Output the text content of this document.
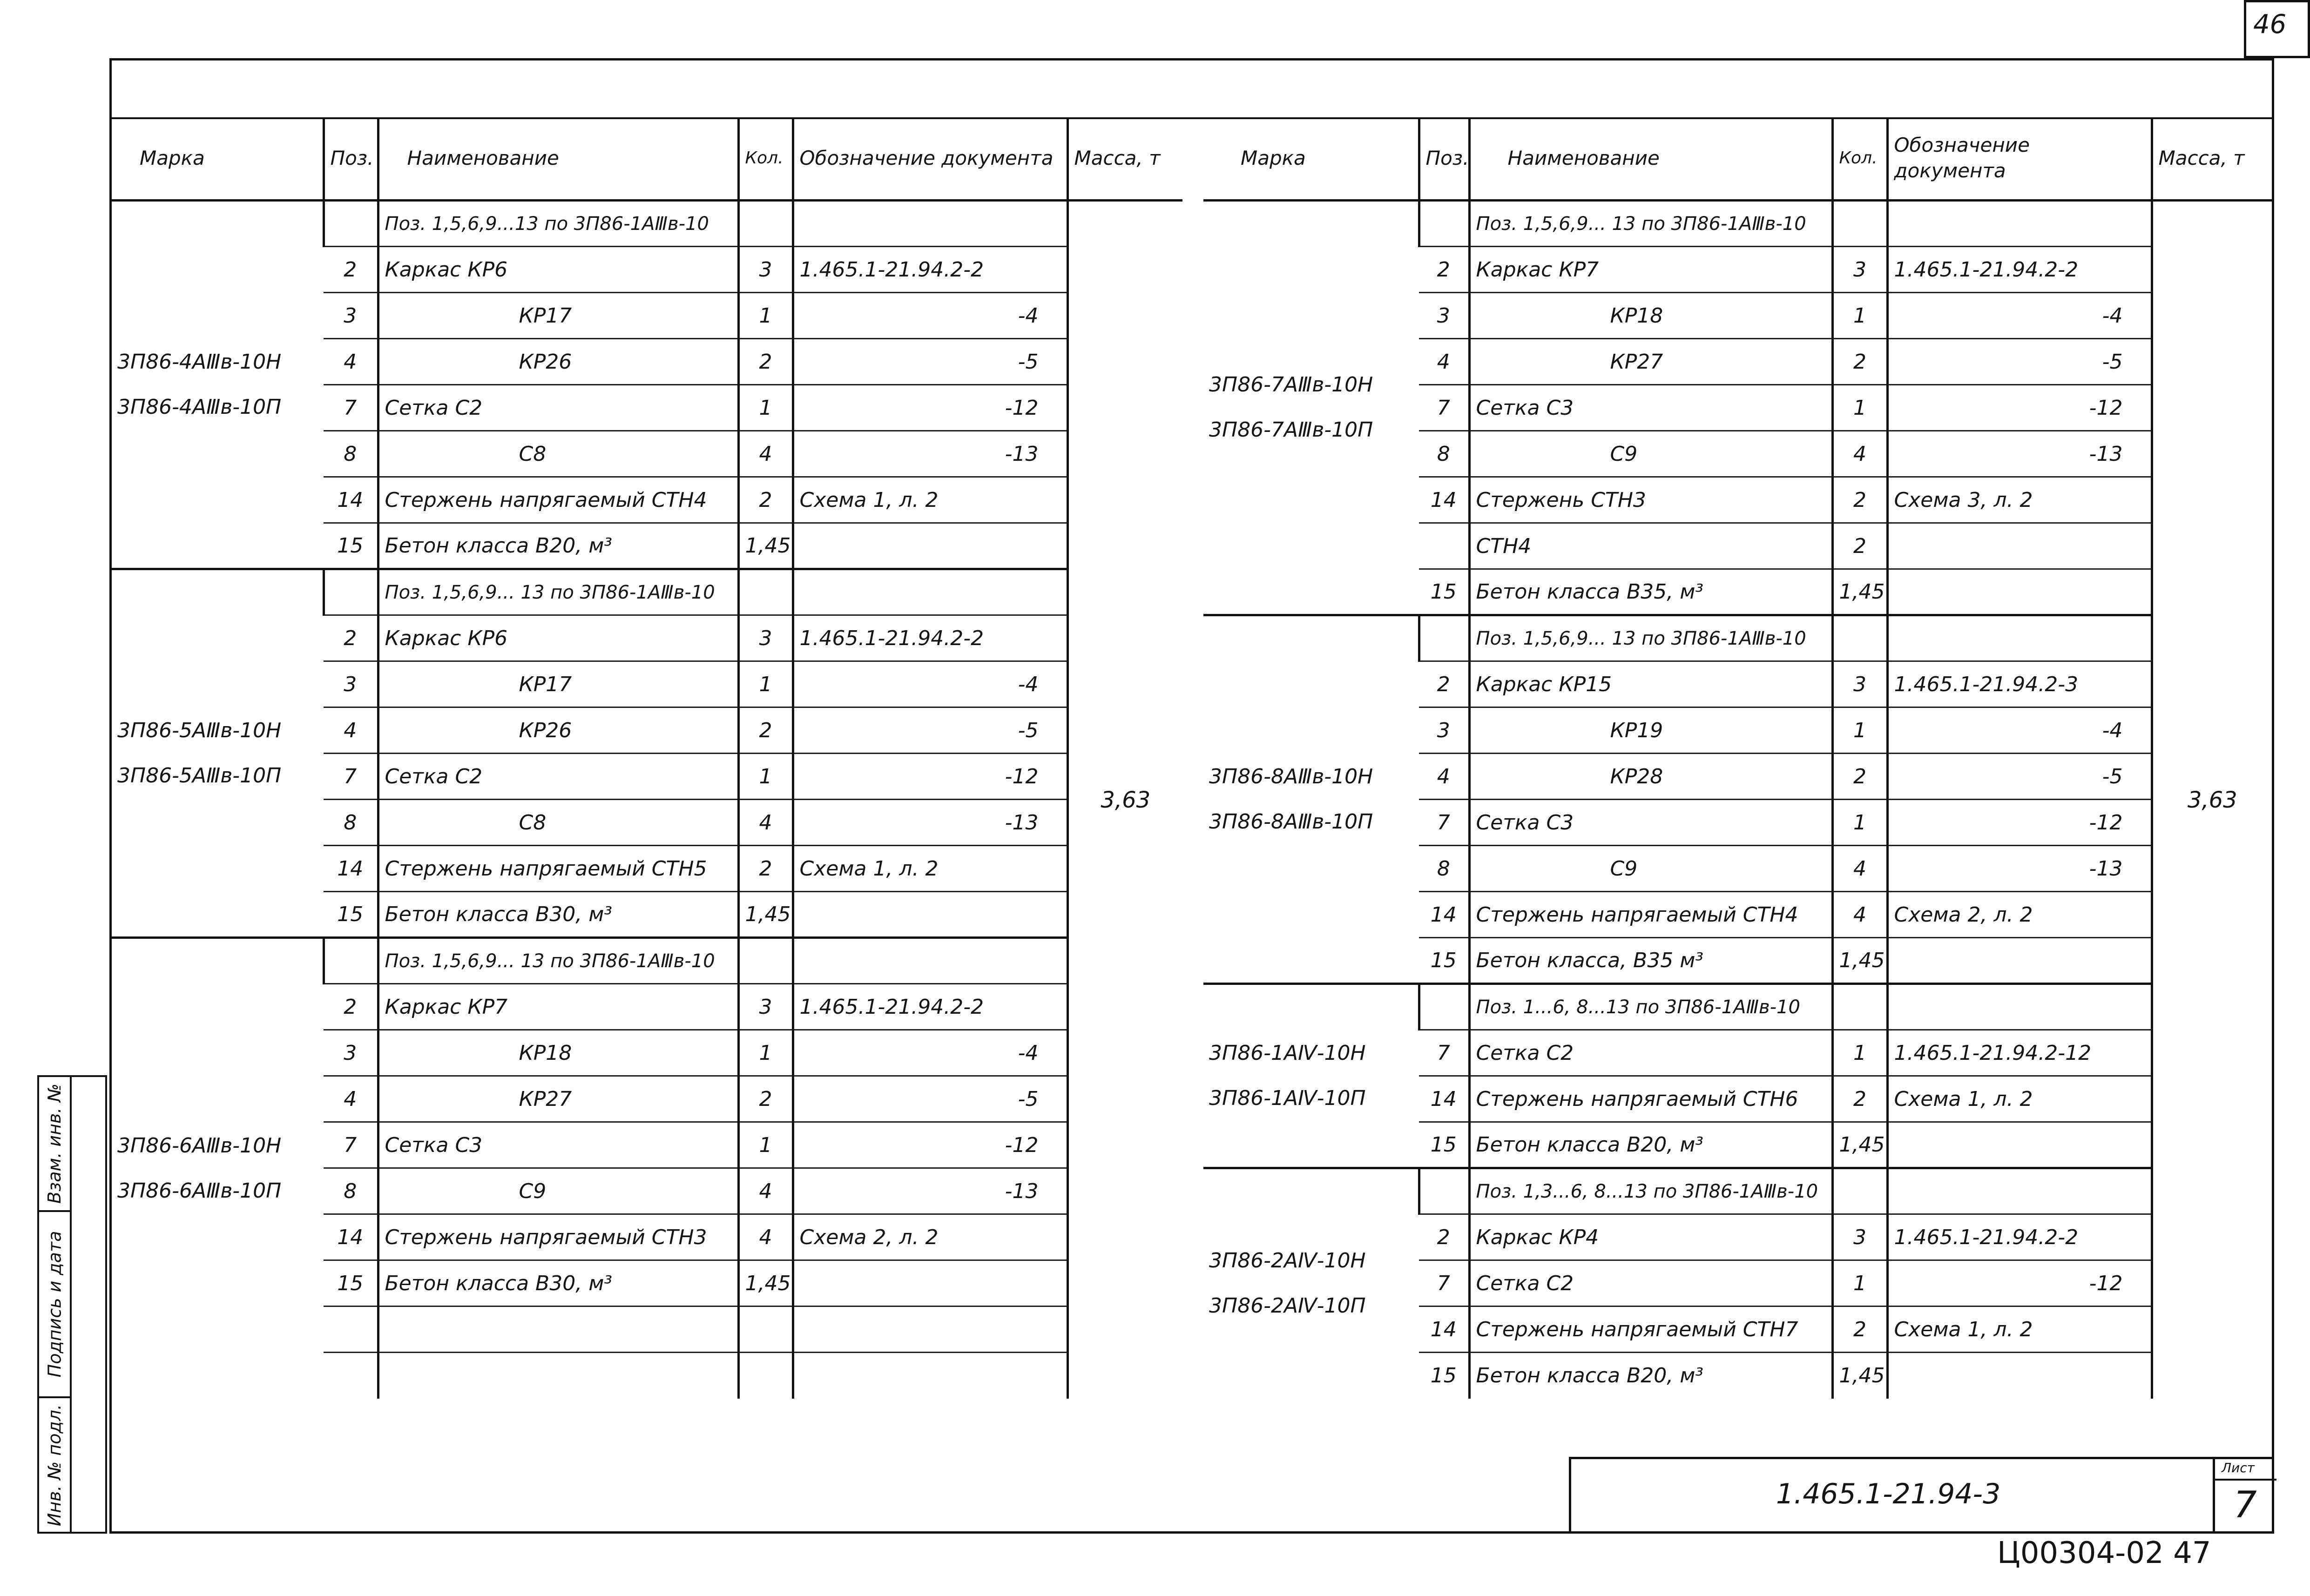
46
Взам. инв. №
Подпись и дата
Инв. № подл.
Марка	Поз.	Наименование	Кол.	Обозначение документа	Масса, т

3П86-4АⅢв-10Н
3П86-4АⅢв-10П		Поз. 1,5,6,9...13 по 3П86-1АⅢв-10			3,63
	2	Каркас КР6	3	1.465.1-21.94.2-2	
	3	КР17	1	-4	
	4	КР26	2	-5	
	7	Сетка С2	1	-12	
	8	С8	4	-13	
	14	Стержень напрягаемый СТН4	2	Схема 1, л. 2	
	15	Бетон класса В20, м³	1,45		

3П86-5АⅢв-10Н
3П86-5АⅢв-10П		Поз. 1,5,6,9... 13 по 3П86-1АⅢв-10			
	2	Каркас КР6	3	1.465.1-21.94.2-2	
	3	КР17	1	-4	
	4	КР26	2	-5	
	7	Сетка С2	1	-12	
	8	С8	4	-13	
	14	Стержень напрягаемый СТН5	2	Схема 1, л. 2	
	15	Бетон класса В30, м³	1,45		

3П86-6АⅢв-10Н
3П86-6АⅢв-10П		Поз. 1,5,6,9... 13 по 3П86-1АⅢв-10			
	2	Каркас КР7	3	1.465.1-21.94.2-2	
	3	КР18	1	-4	
	4	КР27	2	-5	
	7	Сетка С3	1	-12	
	8	С9	4	-13	
	14	Стержень напрягаемый СТН3	4	Схема 2, л. 2	
	15	Бетон класса В30, м³	1,45		

Марка	Поз.	Наименование	Кол.	Обозначение документа	Масса, т

3П86-7АⅢв-10Н
3П86-7АⅢв-10П		Поз. 1,5,6,9... 13 по 3П86-1АⅢв-10			3,63
	2	Каркас КР7	3	1.465.1-21.94.2-2	
	3	КР18	1	-4	
	4	КР27	2	-5	
	7	Сетка С3	1	-12	
	8	С9	4	-13	
	14	Стержень СТН3	2	Схема 3, л. 2	
		СТН4	2		
	15	Бетон класса В35, м³	1,45		

3П86-8АⅢв-10Н
3П86-8АⅢв-10П		Поз. 1,5,6,9... 13 по 3П86-1АⅢв-10			
	2	Каркас КР15	3	1.465.1-21.94.2-3	
	3	КР19	1	-4	
	4	КР28	2	-5	
	7	Сетка С3	1	-12	
	8	С9	4	-13	
	14	Стержень напрягаемый СТН4	4	Схема 2, л. 2	
	15	Бетон класса, В35 м³	1,45		

3П86-1АⅣ-10Н
3П86-1АⅣ-10П		Поз. 1...6, 8...13 по 3П86-1АⅢв-10			
	7	Сетка С2	1	1.465.1-21.94.2-12	
	14	Стержень напрягаемый СТН6	2	Схема 1, л. 2	
	15	Бетон класса В20, м³	1,45		

3П86-2АⅣ-10Н
3П86-2АⅣ-10П		Поз. 1,3...6, 8...13 по 3П86-1АⅢв-10			
	2	Каркас КР4	3	1.465.1-21.94.2-2	
	7	Сетка С2	1	-12	
	14	Стержень напрягаемый СТН7	2	Схема 1, л. 2	
	15	Бетон класса В20, м³	1,45		
1.465.1-21.94-3
Лист
7
Ц00304-02 47
